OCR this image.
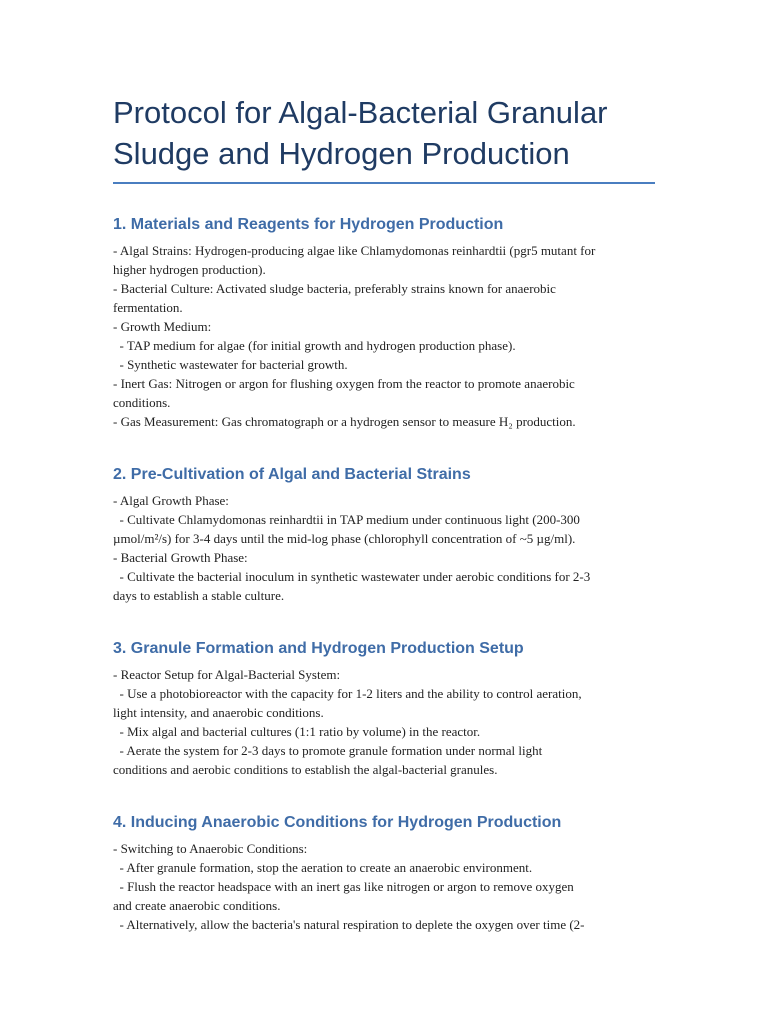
Protocol for Algal-Bacterial Granular
Sludge and Hydrogen Production
1. Materials and Reagents for Hydrogen Production
- Algal Strains: Hydrogen-producing algae like Chlamydomonas reinhardtii (pgr5 mutant for
higher hydrogen production).
- Bacterial Culture: Activated sludge bacteria, preferably strains known for anaerobic
fermentation.
- Growth Medium:
- TAP medium for algae (for initial growth and hydrogen production phase).
- Synthetic wastewater for bacterial growth.
- Inert Gas: Nitrogen or argon for flushing oxygen from the reactor to promote anaerobic
conditions.
- Gas Measurement: Gas chromatograph or a hydrogen sensor to measure H₂ production.
2. Pre-Cultivation of Algal and Bacterial Strains
- Algal Growth Phase:
- Cultivate Chlamydomonas reinhardtii in TAP medium under continuous light (200-300
µmol/m²/s) for 3-4 days until the mid-log phase (chlorophyll concentration of ~5 µg/ml).
- Bacterial Growth Phase:
- Cultivate the bacterial inoculum in synthetic wastewater under aerobic conditions for 2-3
days to establish a stable culture.
3. Granule Formation and Hydrogen Production Setup
- Reactor Setup for Algal-Bacterial System:
- Use a photobioreactor with the capacity for 1-2 liters and the ability to control aeration,
light intensity, and anaerobic conditions.
- Mix algal and bacterial cultures (1:1 ratio by volume) in the reactor.
- Aerate the system for 2-3 days to promote granule formation under normal light
conditions and aerobic conditions to establish the algal-bacterial granules.
4. Inducing Anaerobic Conditions for Hydrogen Production
- Switching to Anaerobic Conditions:
- After granule formation, stop the aeration to create an anaerobic environment.
- Flush the reactor headspace with an inert gas like nitrogen or argon to remove oxygen
and create anaerobic conditions.
- Alternatively, allow the bacteria's natural respiration to deplete the oxygen over time (2-
